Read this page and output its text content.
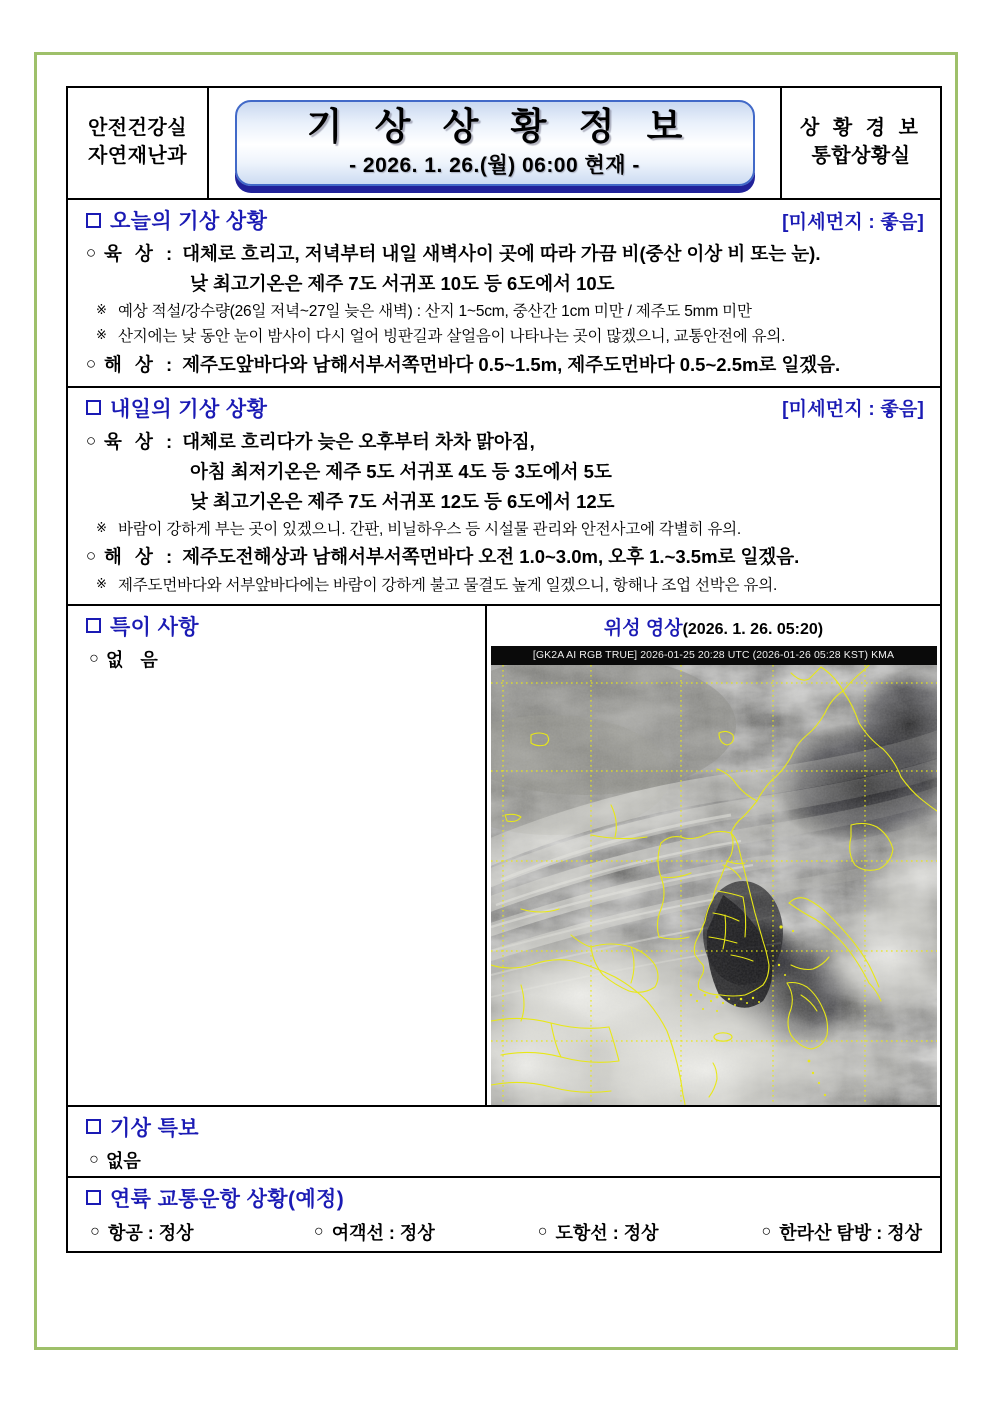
안전건강실
자연재난과
기 상 상 황 정 보
- 2026. 1. 26.(월) 06:00 현재 -
상 황 경 보
통합상황실
오늘의 기상 상황	[미세먼지 : 좋음]
○ 육 상 : 대체로 흐리고, 저녁부터 내일 새벽사이 곳에 따라 가끔 비(중산 이상 비 또는 눈).
낮 최고기온은 제주 7도 서귀포 10도 등 6도에서 10도
※ 예상 적설/강수량(26일 저녁~27일 늦은 새벽) : 산지 1~5cm, 중산간 1cm 미만 / 제주도 5mm 미만
※ 산지에는 낮 동안 눈이 밤사이 다시 얼어 빙판길과 살얼음이 나타나는 곳이 많겠으니, 교통안전에 유의.
○ 해 상 : 제주도앞바다와 남해서부서쪽먼바다 0.5~1.5m, 제주도먼바다 0.5~2.5m로 일겠음.
내일의 기상 상황	[미세먼지 : 좋음]
○ 육 상 : 대체로 흐리다가 늦은 오후부터 차차 맑아짐,
아침 최저기온은 제주 5도 서귀포 4도 등 3도에서 5도
낮 최고기온은 제주 7도 서귀포 12도 등 6도에서 12도
※ 바람이 강하게 부는 곳이 있겠으니. 간판, 비닐하우스 등 시설물 관리와 안전사고에 각별히 유의.
○ 해 상 : 제주도전해상과 남해서부서쪽먼바다 오전 1.0~3.0m, 오후 1.~3.5m로 일겠음.
※ 제주도먼바다와 서부앞바다에는 바람이 강하게 불고 물결도 높게 일겠으니, 항해나 조업 선박은 유의.
특이 사항
○ 없 음
위성 영상(2026. 1. 26. 05:20)
[GK2A AI RGB TRUE] 2026-01-25 20:28 UTC (2026-01-26 05:28 KST) KMA
기상 특보
○ 없음
연륙 교통운항 상황(예정)
○ 항공 : 정상	○ 여객선 : 정상	○ 도항선 : 정상	○ 한라산 탐방 : 정상
